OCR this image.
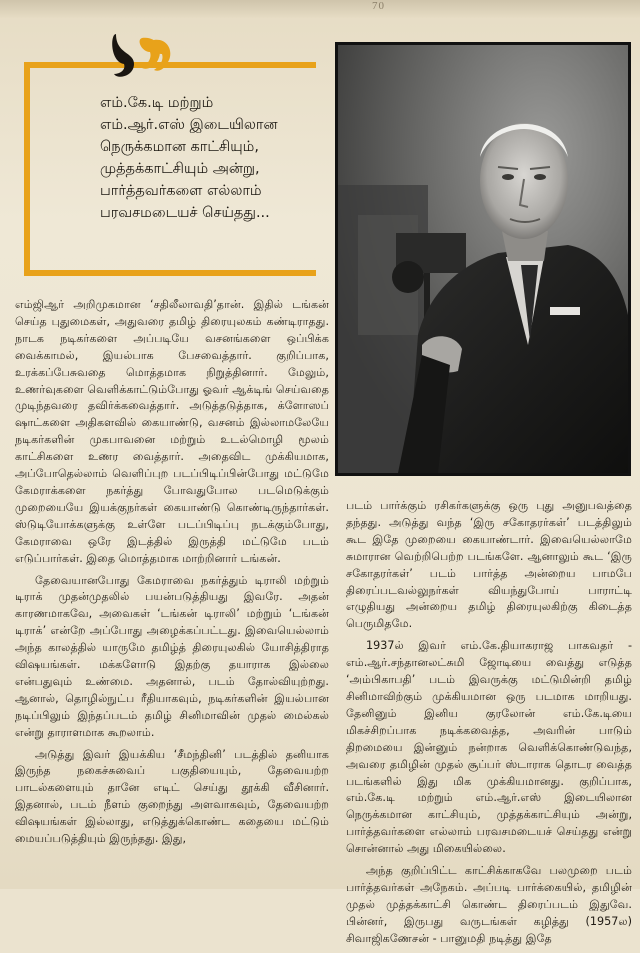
70
எம்.கே.டி மற்றும்
எம்.ஆர்.எஸ் இடையிலான
நெருக்கமான காட்சியும்,
முத்தக்காட்சியும் அன்று,
பார்த்தவர்களை எல்லாம்
பரவசமடையச் செய்தது...

எம்ஜிஆர் அறிமுகமான ‘சதிலீலாவதி’தான். இதில் டங்கன் செய்த புதுமைகள், அதுவரை தமிழ் திரையுலகம் கண்டிராதது. நாடக நடிகர்களை அப்படியே வசனங்களை ஒப்பிக்க வைக்காமல், இயல்பாக பேசவைத்தார். குறிப்பாக, உரக்கப்பேசுவதை மொத்தமாக நிறுத்தினார். மேலும், உணர்வுகளை வெளிக்காட்டும்போது ஓவர் ஆக்டிங் செய்வதை முடிந்தவரை தவிர்க்கவைத்தார். அடுத்தடுத்தாக, க்ளோஸப் ஷாட்களை அதிகளவில் கையாண்டு, வசனம் இல்லாமலேயே நடிகர்களின் முகபாவனை மற்றும் உடல்மொழி மூலம் காட்சிகளை உணர வைத்தார். அதைவிட முக்கியமாக, அப்போதெல்லாம் வெளிப்புற படப்பிடிப்பின்போது மட்டுமே கேமராக்களை நகர்த்து போவதுபோல படமெடுக்கும் முறையையே இயக்குநர்கள் கையாண்டு கொண்டிருந்தார்கள். ஸ்டுடியோக்களுக்கு உள்ளே படப்பிடிப்பு நடக்கும்போது, கேமராவை ஒரே இடத்தில் இருத்தி மட்டுமே படம் எடுப்பார்கள். இதை மொத்தமாக மாற்றினார் டங்கன்.

தேவையானபோது கேமராவை நகர்த்தும் டிராலி மற்றும் டிராக் முதன்முதலில் பயன்படுத்தியது இவரே. அதன் காரணமாகவே, அவைகள் ‘டங்கன் டிராலி’ மற்றும் ‘டங்கன் டிராக்’ என்றே அப்போது அழைக்கப்பட்டது. இவையெல்லாம் அந்த காலத்தில் யாருமே தமிழ்த் திரையுலகில் யோசித்திராத விஷயங்கள். மக்களோடு இதற்கு தயாராக இல்லை என்பதுவும் உண்மை. அதனால், படம் தோல்வியுற்றது. ஆனால், தொழில்நுட்ப ரீதியாகவும், நடிகர்களின் இயல்பான நடிப்பிலும் இந்தப்படம் தமிழ் சினிமாவின் முதல் மைல்கல் என்று தாராளமாக கூறலாம்.

அடுத்து இவர் இயக்கிய ‘சீமந்தினி’ படத்தில் தனியாக இருந்த நகைச்சுவைப் பகுதியையும், தேவையற்ற பாடல்களையும் தானே எடிட் செய்து தூக்கி வீசினார். இதனால், படம் நீளம் குறைந்து அளவாகவும், தேவையற்ற விஷயங்கள் இல்லாது, எடுத்துக்கொண்ட கதையை மட்டும் மையப்படுத்தியும் இருந்தது. இது,

படம் பார்க்கும் ரசிகர்களுக்கு ஒரு புது அனுபவத்தை தந்தது. அடுத்து வந்த ‘இரு சகோதரர்கள்’ படத்திலும் கூட இதே முறையை கையாண்டார். இவையெல்லாமே சுமாரான வெற்றிபெற்ற படங்களே. ஆனாலும் கூட ‘இரு சகோதரர்கள்’ படம் பார்த்த அன்றைய பாமபே திரைப்படவல்லுநர்கள் வியந்துபோய் பாராட்டி எழுதியது அன்றைய தமிழ் திரையுலகிற்கு கிடைத்த பெருமிதமே.

1937ல் இவர் எம்.கே.தியாகராஜ பாகவதர் - எம்.ஆர்.சந்தானலட்சுமி ஜோடியை வைத்து எடுத்த ‘அம்பிகாபதி’ படம் இவருக்கு மட்டுமின்றி தமிழ் சினிமாவிற்கும் முக்கியமான ஒரு படமாக மாறியது. தேனினும் இனிய குரலோன் எம்.கே.டியை மிகச்சிறப்பாக நடிக்கவைத்த, அவரின் பாடும் திறமையை இன்னும் நன்றாக வெளிக்கொண்டுவந்த, அவரை தமிழின் முதல் சூப்பர் ஸ்டாராக தொடர வைத்த படங்களில் இது மிக முக்கியமானது. குறிப்பாக, எம்.கே.டி மற்றும் எம்.ஆர்.எஸ் இடையிலான நெருக்கமான காட்சியும், முத்தக்காட்சியும் அன்று, பார்த்தவர்களை எல்லாம் பரவசமடையச் செய்தது என்று சொன்னால் அது மிகையில்லை.

அந்த குறிப்பிட்ட காட்சிக்காகவே பலமுறை படம் பார்த்தவர்கள் அநேகம். அப்படி பார்க்கையில், தமிழின் முதல் முத்தக்காட்சி கொண்ட திரைப்படம் இதுவே. பின்னர், இருபது வருடங்கள் கழித்து (1957ல) சிவாஜிகணேசன் - பானுமதி நடித்து இதே
